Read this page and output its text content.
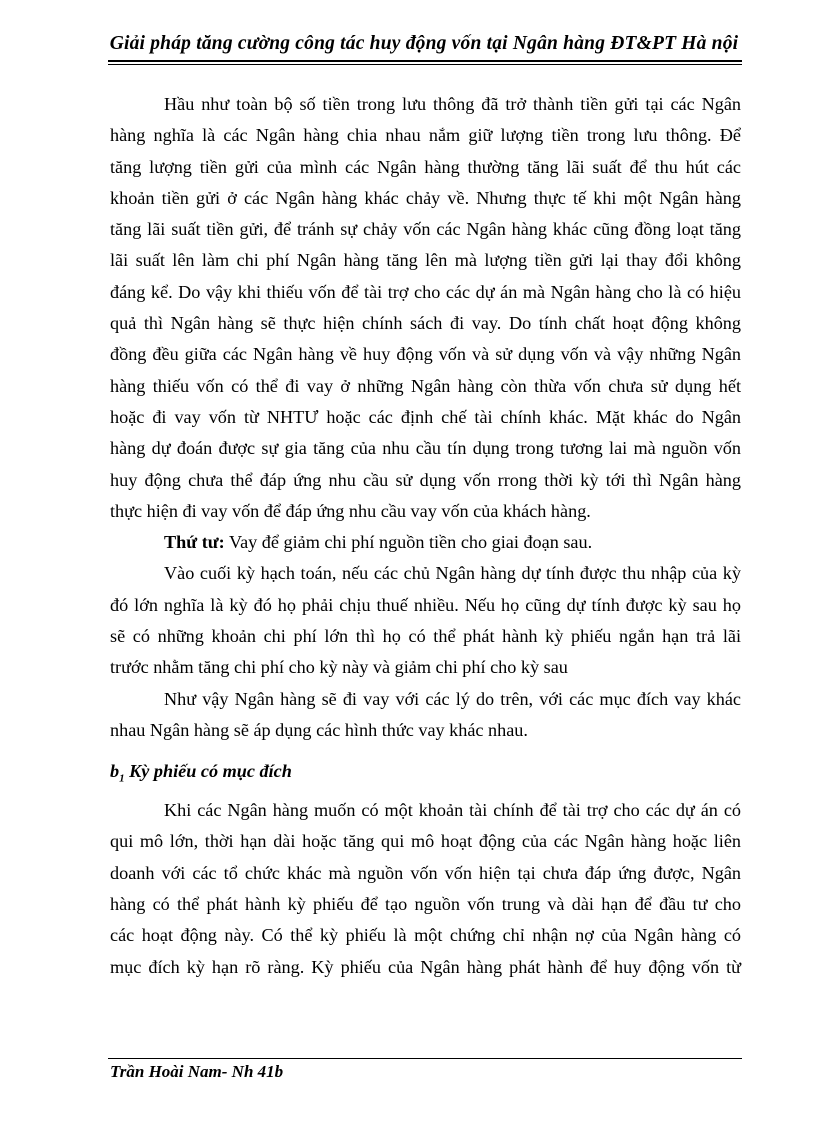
Giải pháp tăng cường công tác huy động vốn tại Ngân hàng ĐT&PT Hà nội

Hầu như toàn bộ số tiền trong lưu thông đã trở thành tiền gửi tại các Ngân
hàng nghĩa là các Ngân hàng chia nhau nắm giữ lượng tiền trong lưu thông. Để
tăng lượng tiền gửi của mình các Ngân hàng thường tăng lãi suất để thu hút các
khoản tiền gửi ở các Ngân hàng khác chảy về. Nhưng thực tế khi một Ngân hàng
tăng lãi suất tiền gửi, để tránh sự chảy vốn các Ngân hàng khác cũng đồng loạt tăng
lãi suất lên làm chi phí Ngân hàng tăng lên mà lượng tiền gửi lại thay đổi không
đáng kể. Do vậy khi thiếu vốn để tài trợ cho các dự án mà Ngân hàng cho là có hiệu
quả thì Ngân hàng sẽ thực hiện chính sách đi vay. Do tính chất hoạt động không
đồng đều giữa các Ngân hàng về huy động vốn và sử dụng vốn và vậy những Ngân
hàng thiếu vốn có thể đi vay ở những Ngân hàng còn thừa vốn chưa sử dụng hết
hoặc đi vay vốn từ NHTƯ hoặc các định chế tài chính khác. Mặt khác do Ngân
hàng dự đoán được sự gia tăng của nhu cầu tín dụng trong tương lai mà nguồn vốn
huy động chưa thể đáp ứng nhu cầu sử dụng vốn rrong thời kỳ tới thì Ngân hàng
thực hiện đi vay vốn để đáp ứng nhu cầu vay vốn của khách hàng.

Thứ tư: Vay để giảm chi phí nguồn tiền cho giai đoạn sau.

Vào cuối kỳ hạch toán, nếu các chủ Ngân hàng dự tính được thu nhập của kỳ
đó lớn nghĩa là kỳ đó họ phải chịu thuế nhiều. Nếu họ cũng dự tính được kỳ sau họ
sẽ có những khoản chi phí lớn thì họ có thể phát hành kỳ phiếu ngắn hạn trả lãi
trước nhằm tăng chi phí cho kỳ này và giảm chi phí cho kỳ sau

Như vậy Ngân hàng sẽ đi vay với các lý do trên, với các mục đích vay khác
nhau Ngân hàng sẽ áp dụng các hình thức vay khác nhau.

$b_1$ Kỳ phiếu có mục đích

Khi các Ngân hàng muốn có một khoản tài chính để tài trợ cho các dự án có
qui mô lớn, thời hạn dài hoặc tăng qui mô hoạt động của các Ngân hàng hoặc liên
doanh với các tổ chức khác mà nguồn vốn vốn hiện tại chưa đáp ứng được, Ngân
hàng có thể phát hành kỳ phiếu để tạo nguồn vốn trung và dài hạn để đầu tư cho
các hoạt động này. Có thể kỳ phiếu là một chứng chỉ nhận nợ của Ngân hàng có
mục đích kỳ hạn rõ ràng. Kỳ phiếu của Ngân hàng phát hành để huy động vốn từ

Trần Hoài Nam- Nh 41b
